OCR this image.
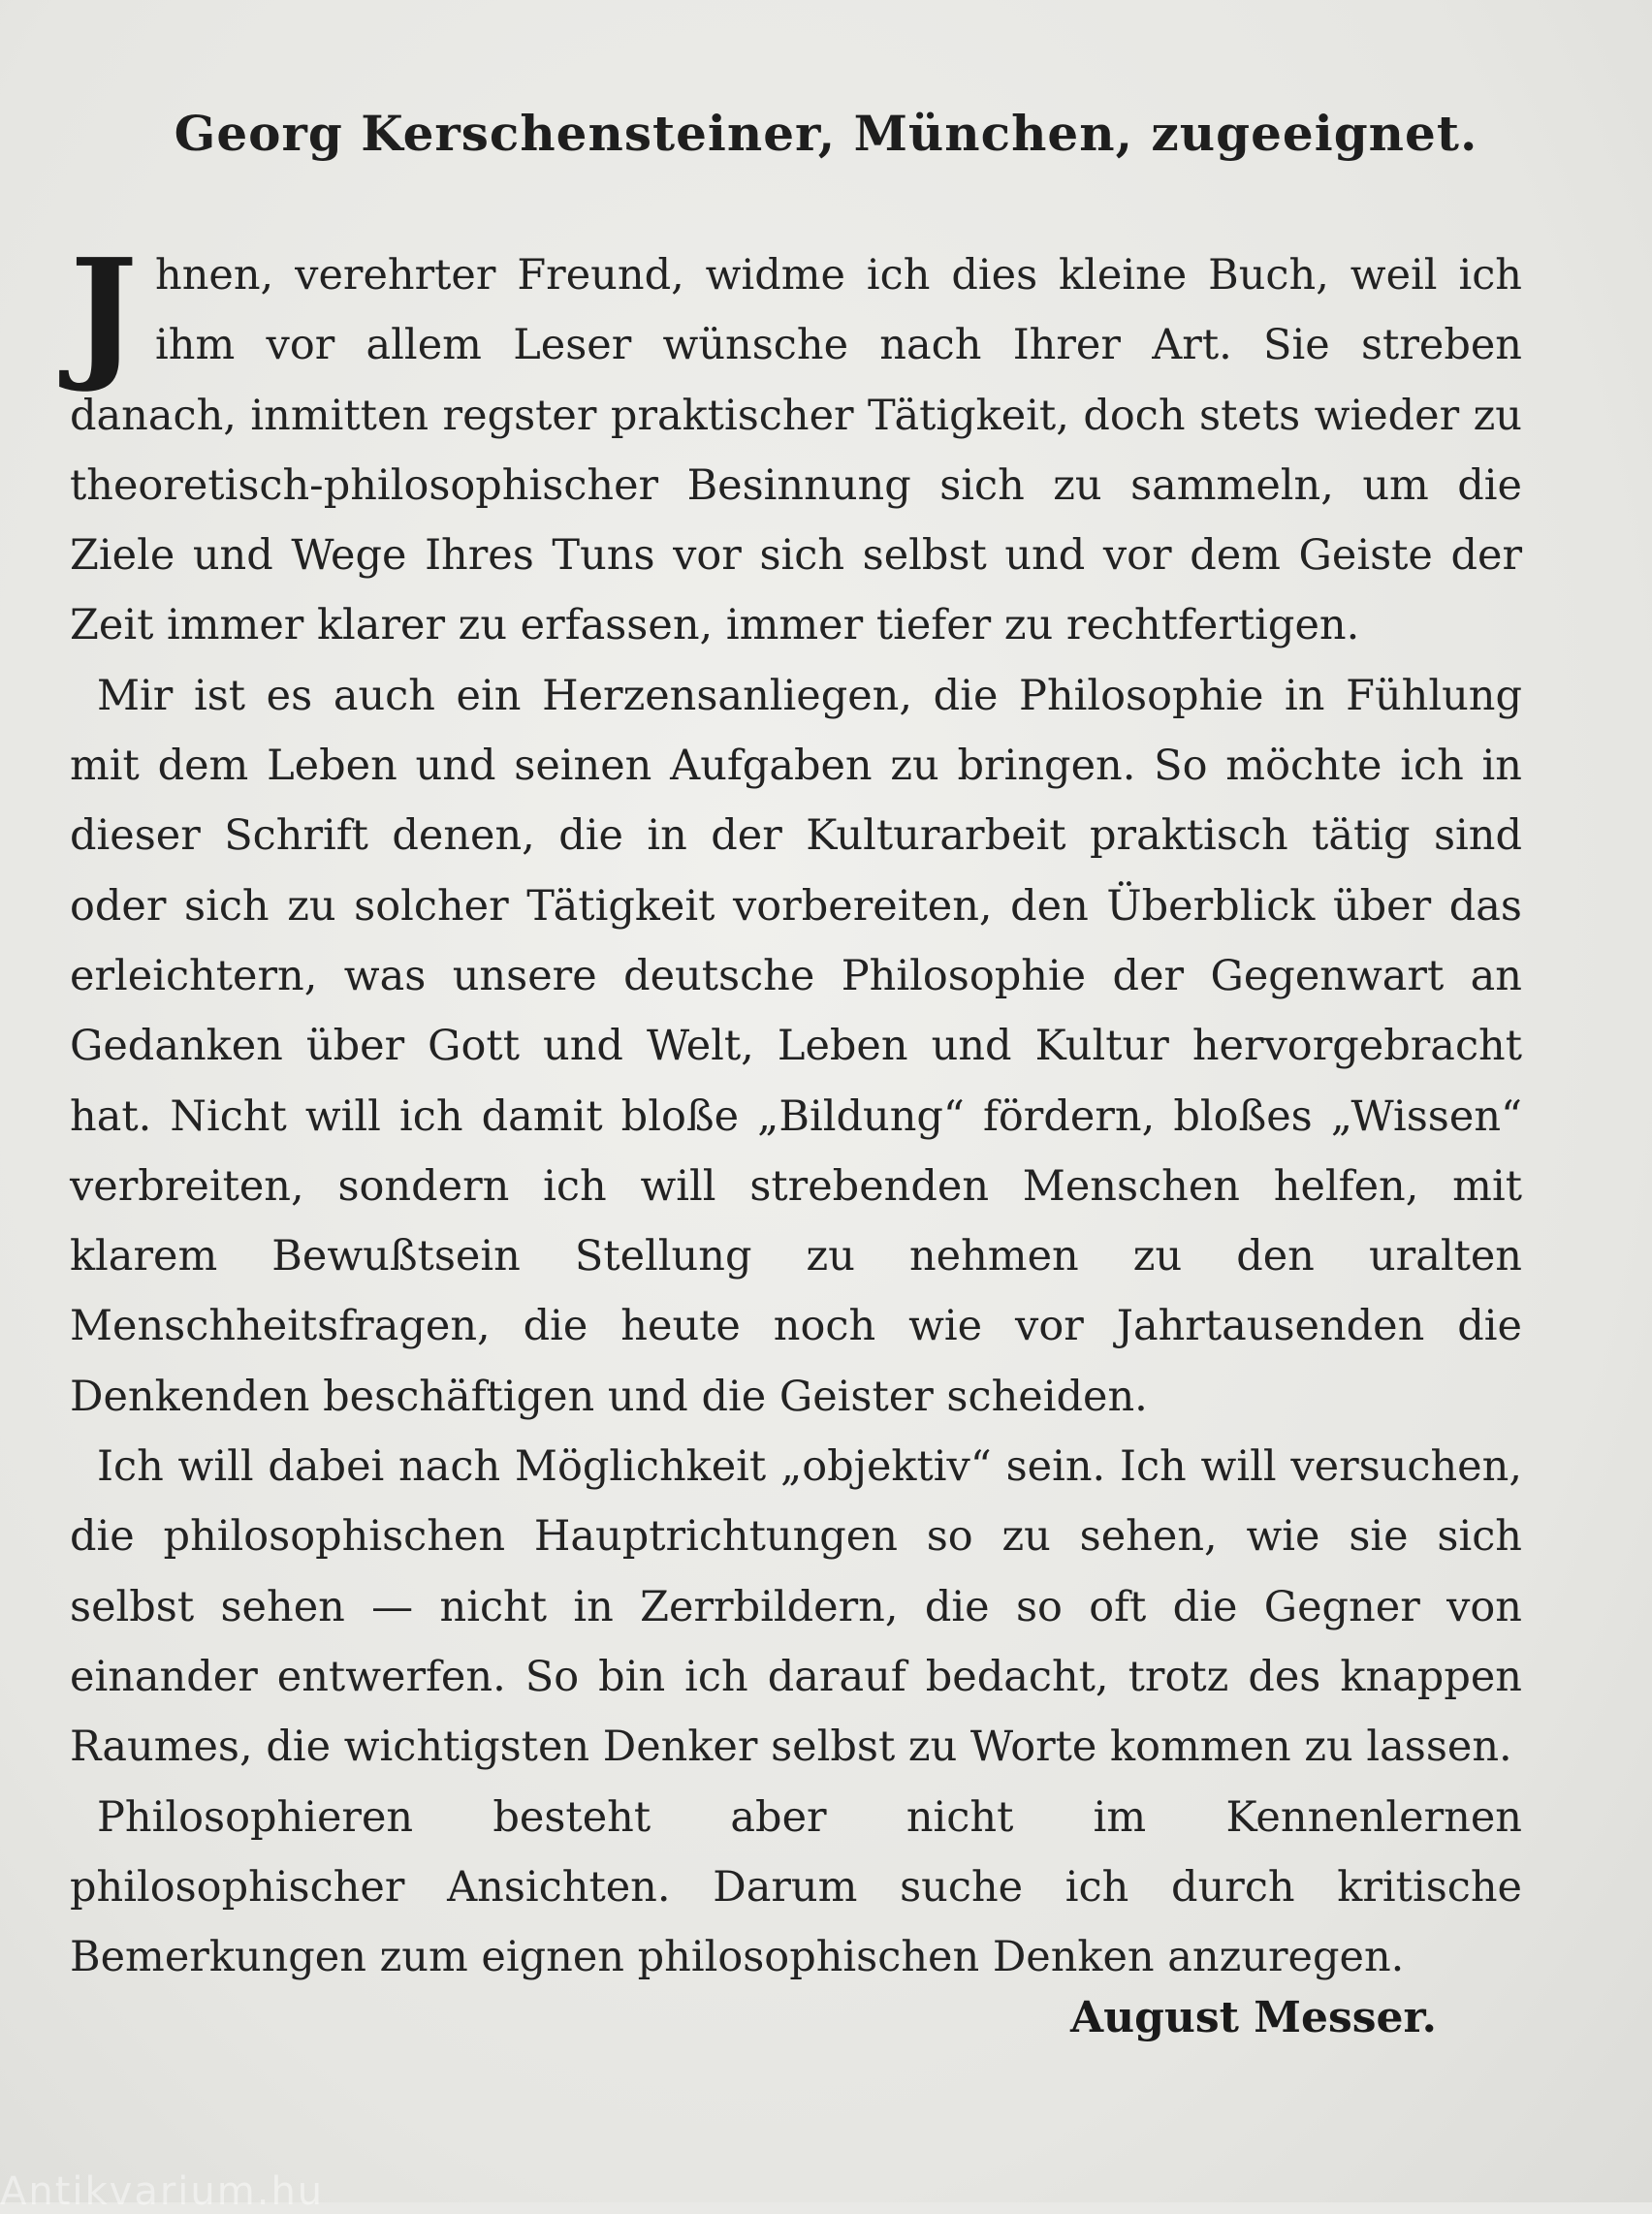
Georg Kerschensteiner, München, zugeeignet.

Jhnen, verehrter Freund, widme ich dies kleine Buch, weil ich ihm vor allem Leser wünsche nach Ihrer Art. Sie streben danach, inmitten regster praktischer Tätigkeit, doch stets wieder zu theoretisch-philosophischer Besinnung sich zu sammeln, um die Ziele und Wege Ihres Tuns vor sich selbst und vor dem Geiste der Zeit immer klarer zu erfassen, immer tiefer zu rechtfertigen.

Mir ist es auch ein Herzensanliegen, die Philosophie in Fühlung mit dem Leben und seinen Aufgaben zu bringen. So möchte ich in dieser Schrift denen, die in der Kulturarbeit praktisch tätig sind oder sich zu solcher Tätigkeit vorbereiten, den Überblick über das erleichtern, was unsere deutsche Philosophie der Gegenwart an Gedanken über Gott und Welt, Leben und Kultur hervorgebracht hat. Nicht will ich damit bloße „Bildung“ fördern, bloßes „Wissen“ verbreiten, sondern ich will strebenden Menschen helfen, mit klarem Bewußtsein Stellung zu nehmen zu den uralten Menschheitsfragen, die heute noch wie vor Jahrtausenden die Denkenden beschäftigen und die Geister scheiden.

Ich will dabei nach Möglichkeit „objektiv“ sein. Ich will versuchen, die philosophischen Hauptrichtungen so zu sehen, wie sie sich selbst sehen — nicht in Zerrbildern, die so oft die Gegner von einander entwerfen. So bin ich darauf bedacht, trotz des knappen Raumes, die wichtigsten Denker selbst zu Worte kommen zu lassen.

Philosophieren besteht aber nicht im Kennenlernen philosophischer Ansichten. Darum suche ich durch kritische Bemerkungen zum eignen philosophischen Denken anzuregen.

August Messer.

Antikvarium.hu
